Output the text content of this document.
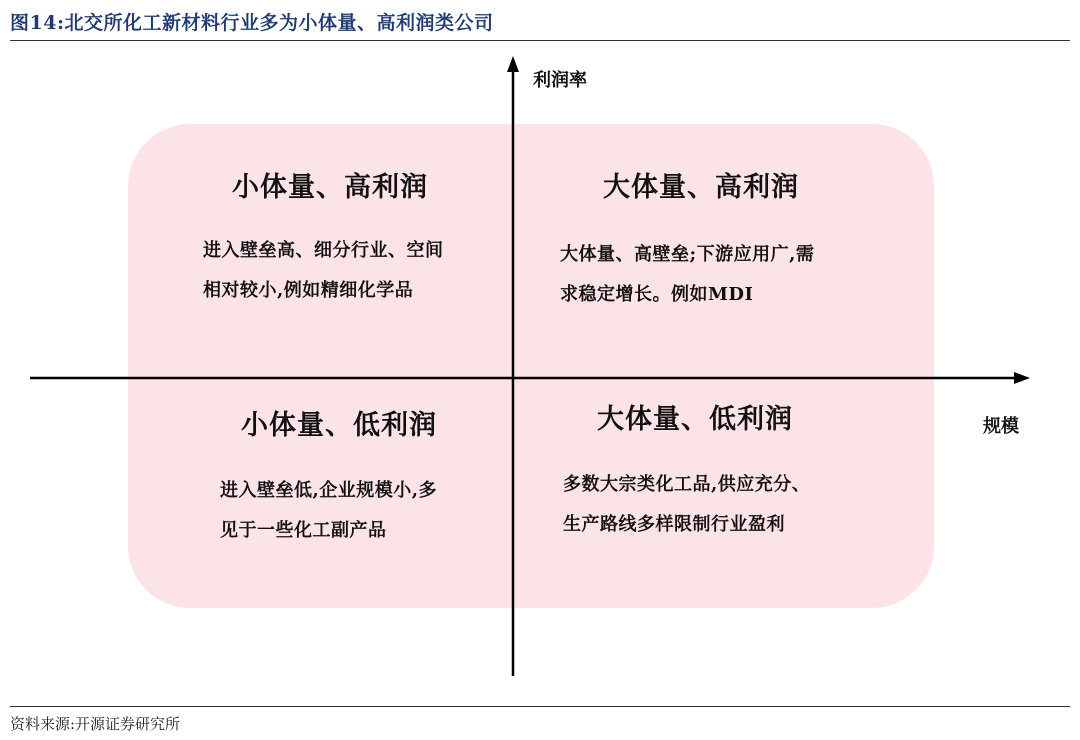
图14:北交所化工新材料行业多为小体量、高利润类公司
利润率
规模
小体量、高利润
进入壁垒高、细分行业、空间
相对较小,例如精细化学品
大体量、高利润
大体量、高壁垒;下游应用广,需
求稳定增长。例如MDI
小体量、低利润
进入壁垒低,企业规模小,多
见于一些化工副产品
大体量、低利润
多数大宗类化工品,供应充分、
生产路线多样限制行业盈利
资料来源:开源证券研究所
